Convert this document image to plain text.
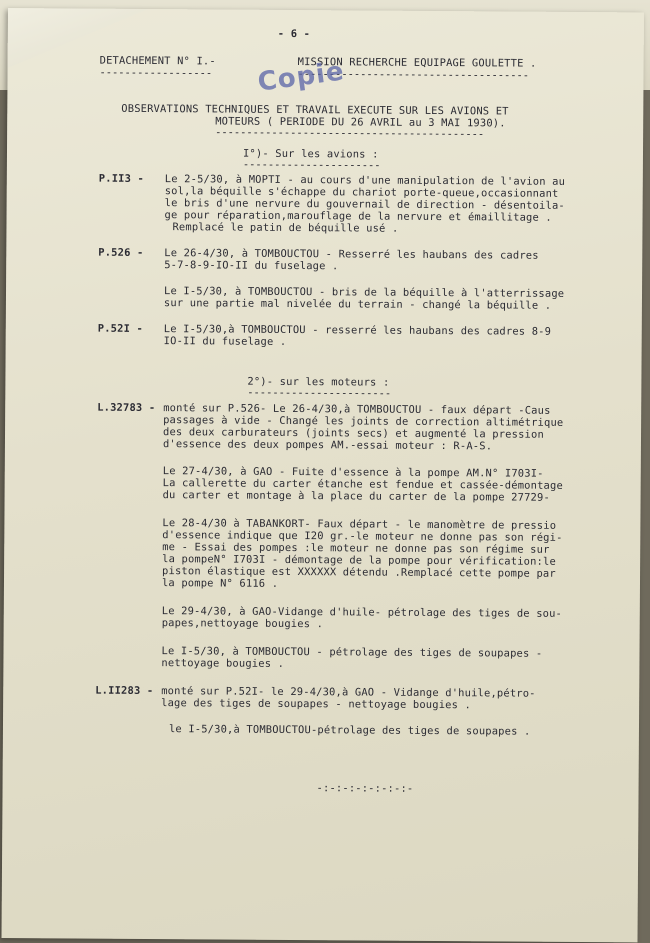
- 6 -
DETACHEMENT N° I.-	MISSION RECHERCHE EQUIPAGE GOULETTE .
------------------	-------------------------------------
Copie
OBSERVATIONS TECHNIQUES ET TRAVAIL EXECUTE SUR LES AVIONS ET
MOTEURS ( PERIODE DU 26 AVRIL au 3 MAI 1930).
-------------------------------------------
I°)- Sur les avions :
----------------------
P.II3 - Le 2-5/30, à MOPTI - au cours d'une manipulation de l'avion au
sol,la béquille s'échappe du chariot porte-queue,occasionnant
le bris d'une nervure du gouvernail de direction - désentoila-
ge pour réparation,marouflage de la nervure et émaillitage .
Remplacé le patin de béquille usé .
P.526 - Le 26-4/30, à TOMBOUCTOU - Resserré les haubans des cadres
5-7-8-9-IO-II du fuselage .
Le I-5/30, à TOMBOUCTOU - bris de la béquille à l'atterrissage
sur une partie mal nivelée du terrain - changé la béquille .
P.52I - Le I-5/30,à TOMBOUCTOU - resserré les haubans des cadres 8-9
IO-II du fuselage .
2°)- sur les moteurs :
-----------------------
L.32783 - monté sur P.526- Le 26-4/30,à TOMBOUCTOU - faux départ -Caus
passages à vide - Changé les joints de correction altimétrique
des deux carburateurs (joints secs) et augmenté la pression
d'essence des deux pompes AM.-essai moteur : R-A-S.
Le 27-4/30, à GAO - Fuite d'essence à la pompe AM.N° I703I-
La callerette du carter étanche est fendue et cassée-démontage
du carter et montage à la place du carter de la pompe 27729-
Le 28-4/30 à TABANKORT- Faux départ - le manomètre de pressio
d'essence indique que I20 gr.-le moteur ne donne pas son régi-
me - Essai des pompes :le moteur ne donne pas son régime sur
la pompeN° I703I - démontage de la pompe pour vérification:le
piston élastique est XXXXXX détendu .Remplacé cette pompe par
la pompe N° 6116 .
Le 29-4/30, à GAO-Vidange d'huile- pétrolage des tiges de sou-
papes,nettoyage bougies .
Le I-5/30, à TOMBOUCTOU - pétrolage des tiges de soupapes -
nettoyage bougies .
L.II283 - monté sur P.52I- le 29-4/30,à GAO - Vidange d'huile,pétro-
lage des tiges de soupapes - nettoyage bougies .
le I-5/30,à TOMBOUCTOU-pétrolage des tiges de soupapes .
-:-:-:-:-:-:-:-
